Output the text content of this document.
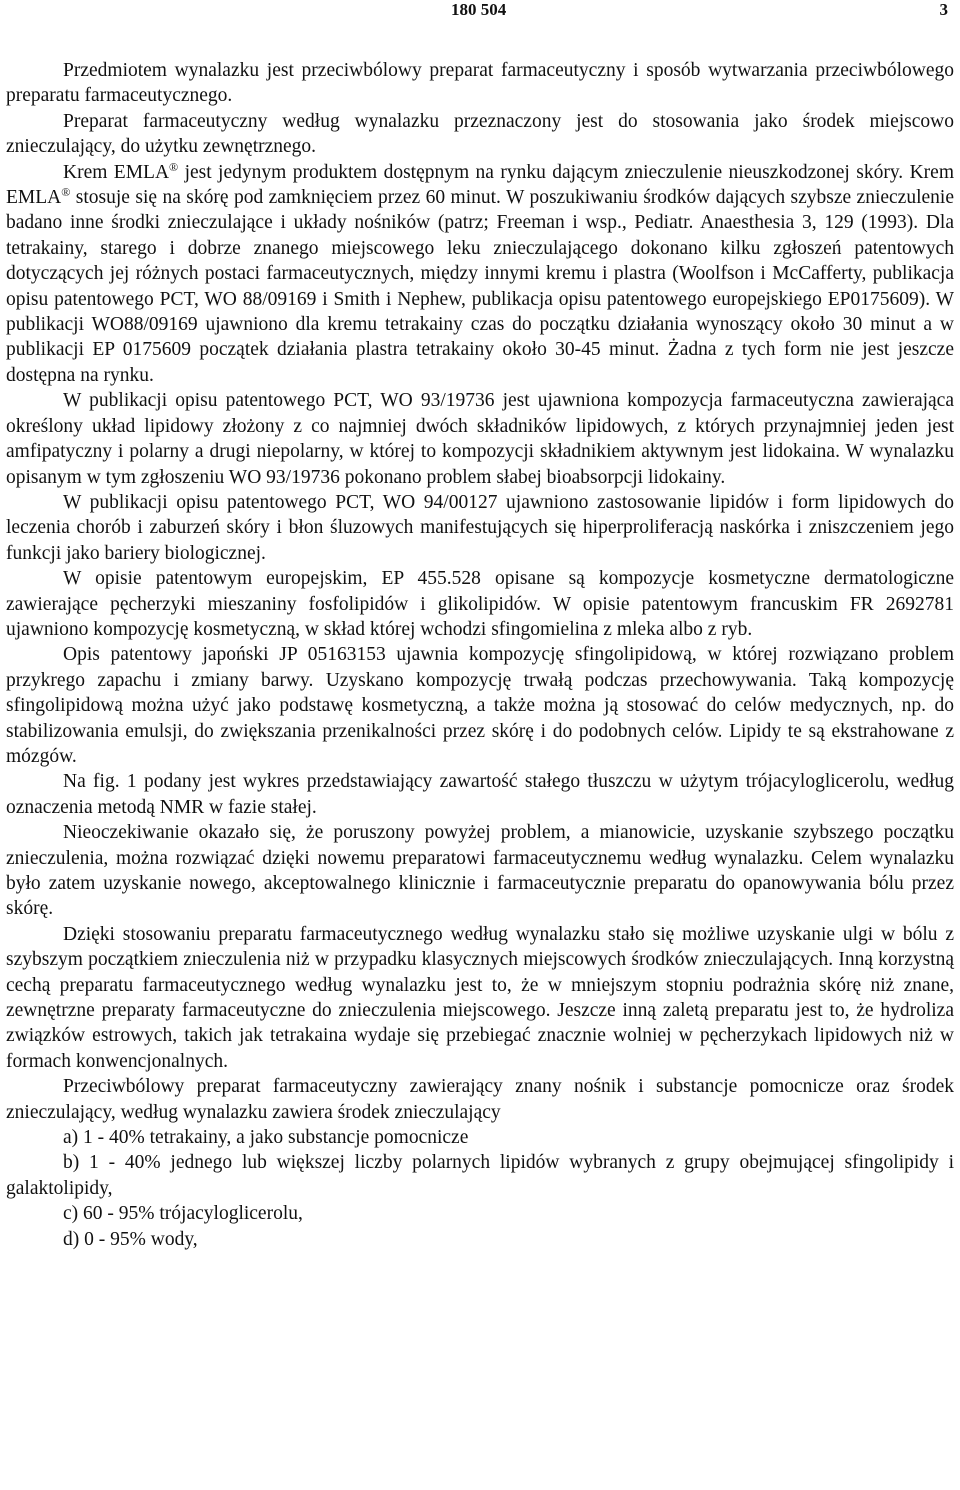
180 504	3

Przedmiotem wynalazku jest przeciwbólowy preparat farmaceutyczny i sposób wytwarzania przeciwbólowego preparatu farmaceutycznego.

Preparat farmaceutyczny według wynalazku przeznaczony jest do stosowania jako środek miejscowo znieczulający, do użytku zewnętrznego.

Krem EMLA® jest jedynym produktem dostępnym na rynku dającym znieczulenie nieuszkodzonej skóry. Krem EMLA® stosuje się na skórę pod zamknięciem przez 60 minut. W poszukiwaniu środków dających szybsze znieczulenie badano inne środki znieczulające i układy nośników (patrz; Freeman i wsp., Pediatr. Anaesthesia 3, 129 (1993). Dla tetrakainy, starego i dobrze znanego miejscowego leku znieczulającego dokonano kilku zgłoszeń patentowych dotyczących jej różnych postaci farmaceutycznych, między innymi kremu i plastra (Woolfson i McCafferty, publikacja opisu patentowego PCT, WO 88/09169 i Smith i Nephew, publikacja opisu patentowego europejskiego EP0175609). W publikacji WO88/09169 ujawniono dla kremu tetrakainy czas do początku działania wynoszący około 30 minut a w publikacji EP 0175609 początek działania plastra tetrakainy około 30-45 minut. Żadna z tych form nie jest jeszcze dostępna na rynku.

W publikacji opisu patentowego PCT, WO 93/19736 jest ujawniona kompozycja farmaceutyczna zawierająca określony układ lipidowy złożony z co najmniej dwóch składników lipidowych, z których przynajmniej jeden jest amfipatyczny i polarny a drugi niepolarny, w której to kompozycji składnikiem aktywnym jest lidokaina. W wynalazku opisanym w tym zgłoszeniu WO 93/19736 pokonano problem słabej bioabsorpcji lidokainy.

W publikacji opisu patentowego PCT, WO 94/00127 ujawniono zastosowanie lipidów i form lipidowych do leczenia chorób i zaburzeń skóry i błon śluzowych manifestujących się hiperproliferacją naskórka i zniszczeniem jego funkcji jako bariery biologicznej.

W opisie patentowym europejskim, EP 455.528 opisane są kompozycje kosmetyczne dermatologiczne zawierające pęcherzyki mieszaniny fosfolipidów i glikolipidów. W opisie patentowym francuskim FR 2692781 ujawniono kompozycję kosmetyczną, w skład której wchodzi sfingomielina z mleka albo z ryb.

Opis patentowy japoński JP 05163153 ujawnia kompozycję sfingolipidową, w której rozwiązano problem przykrego zapachu i zmiany barwy. Uzyskano kompozycję trwałą podczas przechowywania. Taką kompozycję sfingolipidową można użyć jako podstawę kosmetyczną, a także można ją stosować do celów medycznych, np. do stabilizowania emulsji, do zwiększania przenikalności przez skórę i do podobnych celów. Lipidy te są ekstrahowane z mózgów.

Na fig. 1 podany jest wykres przedstawiający zawartość stałego tłuszczu w użytym trójacyloglicerolu, według oznaczenia metodą NMR w fazie stałej.

Nieoczekiwanie okazało się, że poruszony powyżej problem, a mianowicie, uzyskanie szybszego początku znieczulenia, można rozwiązać dzięki nowemu preparatowi farmaceutycznemu według wynalazku. Celem wynalazku było zatem uzyskanie nowego, akceptowalnego klinicznie i farmaceutycznie preparatu do opanowywania bólu przez skórę.

Dzięki stosowaniu preparatu farmaceutycznego według wynalazku stało się możliwe uzyskanie ulgi w bólu z szybszym początkiem znieczulenia niż w przypadku klasycznych miejscowych środków znieczulających. Inną korzystną cechą preparatu farmaceutycznego według wynalazku jest to, że w mniejszym stopniu podrażnia skórę niż znane, zewnętrzne preparaty farmaceutyczne do znieczulenia miejscowego. Jeszcze inną zaletą preparatu jest to, że hydroliza związków estrowych, takich jak tetrakaina wydaje się przebiegać znacznie wolniej w pęcherzykach lipidowych niż w formach konwencjonalnych.

Przeciwbólowy preparat farmaceutyczny zawierający znany nośnik i substancje pomocnicze oraz środek znieczulający, według wynalazku zawiera środek znieczulający

a) 1 - 40% tetrakainy, a jako substancje pomocnicze

b) 1 - 40% jednego lub większej liczby polarnych lipidów wybranych z grupy obejmującej sfingolipidy i galaktolipidy,

c) 60 - 95% trójacyloglicerolu,

d) 0 - 95% wody,
